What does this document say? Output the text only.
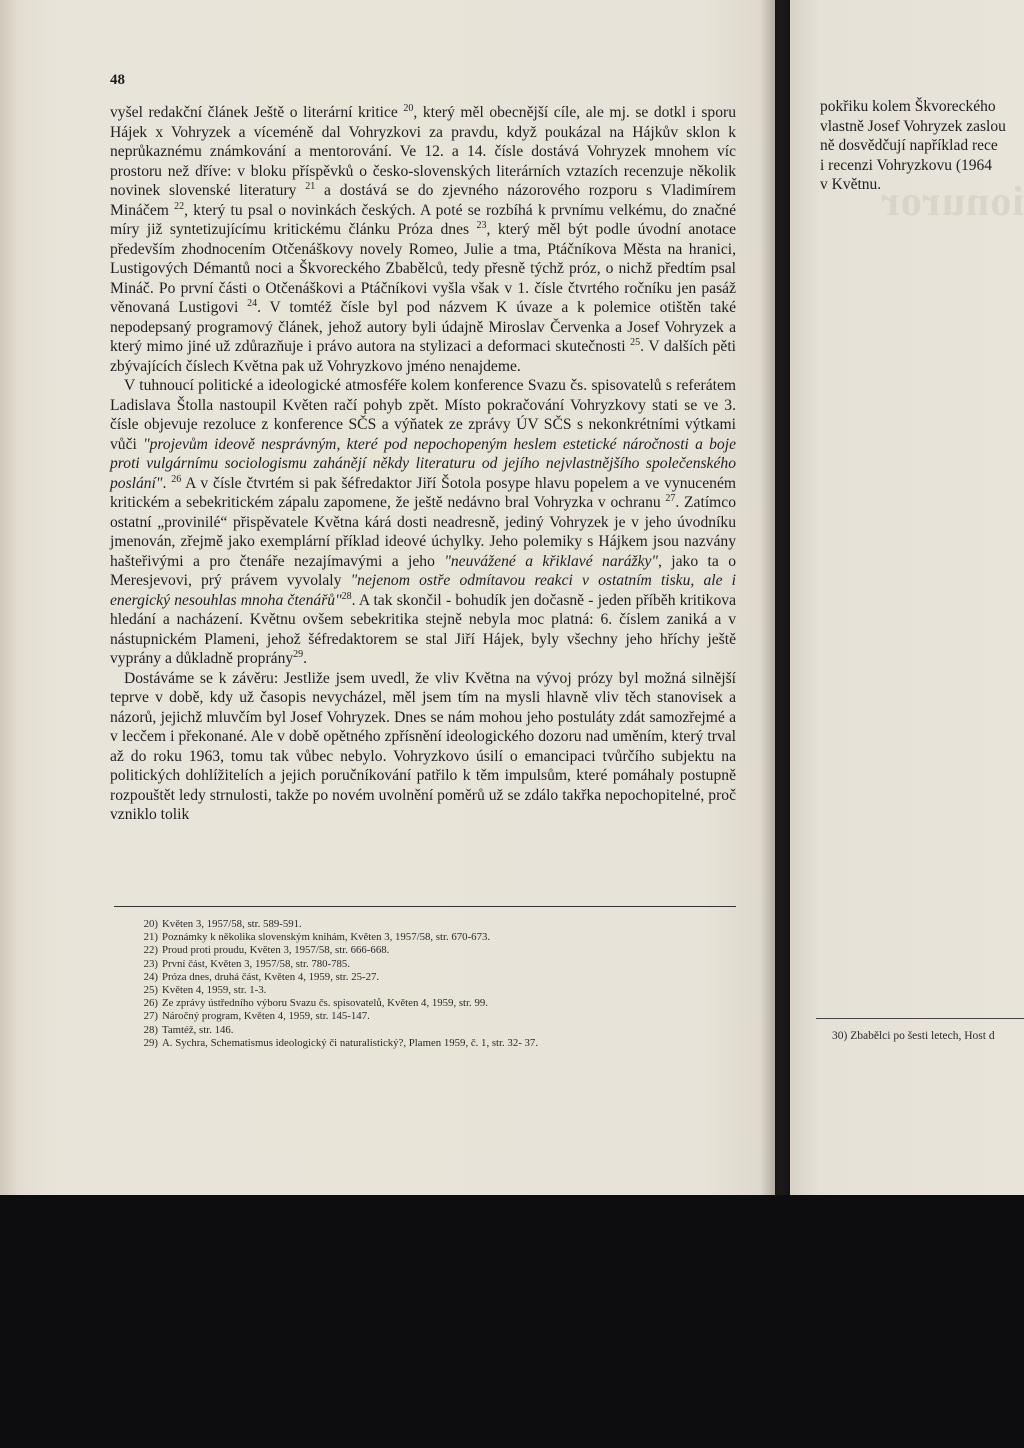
48

vyšel redakční článek Ještě o literární kritice $^{20}$, který měl obecnější cíle, ale mj. se dotkl i sporu Hájek x Vohryzek a víceméně dal Vohryzkovi za pravdu, když poukázal na Hájkův sklon k neprůkaznému známkování a mentorování. Ve 12. a 14. čísle dostává Vohryzek mnohem víc prostoru než dříve: v bloku příspěvků o česko-slovenských literárních vztazích recenzuje několik novinek slovenské literatury $^{21}$ a dostává se do zjevného názorového rozporu s Vladimírem Mináčem $^{22}$, který tu psal o novinkách českých. A poté se rozbíhá k prvnímu velkému, do značné míry již syntetizujícímu kritickému článku Próza dnes $^{23}$, který měl být podle úvodní anotace především zhodnocením Otčenáškovy novely Romeo, Julie a tma, Ptáčníkova Města na hranici, Lustigových Démantů noci a Škvoreckého Zbabělců, tedy přesně týchž próz, o nichž předtím psal Mináč. Po první části o Otčenáškovi a Ptáčníkovi vyšla však v 1. čísle čtvrtého ročníku jen pasáž věnovaná Lustigovi $^{24}$. V tomtéž čísle byl pod názvem K úvaze a k polemice otištěn také nepodepsaný programový článek, jehož autory byli údajně Miroslav Červenka a Josef Vohryzek a který mimo jiné už zdůrazňuje i právo autora na stylizaci a deformaci skutečnosti $^{25}$. V dalších pěti zbývajících číslech Května pak už Vohryzkovo jméno nenajdeme.

V tuhnoucí politické a ideologické atmosféře kolem konference Svazu čs. spisovatelů s referátem Ladislava Štolla nastoupil Květen račí pohyb zpět. Místo pokračování Vohryzkovy stati se ve 3. čísle objevuje rezoluce z konference SČS a výňatek ze zprávy ÚV SČS s nekonkrétními výtkami vůči "projevům ideově nesprávným, které pod nepochopeným heslem estetické náročnosti a boje proti vulgárnímu sociologismu zahánějí někdy literaturu od jejího nejvlastnějšího společenského poslání". $^{26}$ A v čísle čtvrtém si pak šéfredaktor Jiří Šotola posype hlavu popelem a ve vynuceném kritickém a sebekritickém zápalu zapomene, že ještě nedávno bral Vohryzka v ochranu $^{27}$. Zatímco ostatní „provinilé“ přispěvatele Května kárá dosti neadresně, jediný Vohryzek je v jeho úvodníku jmenován, zřejmě jako exemplární příklad ideové úchylky. Jeho polemiky s Hájkem jsou nazvány hašteřivými a pro čtenáře nezajímavými a jeho "neuvážené a křiklavé narážky", jako ta o Meresjevovi, prý právem vyvolaly "nejenom ostře odmítavou reakci v ostatním tisku, ale i energický nesouhlas mnoha čtenářů"$^{28}$. A tak skončil - bohudík jen dočasně - jeden příběh kritikova hledání a nacházení. Květnu ovšem sebekritika stejně nebyla moc platná: 6. číslem zaniká a v nástupnickém Plameni, jehož šéfredaktorem se stal Jiří Hájek, byly všechny jeho hříchy ještě vyprány a důkladně propránу$^{29}$.

Dostáváme se k závěru: Jestliže jsem uvedl, že vliv Května na vývoj prózy byl možná silnější teprve v době, kdy už časopis nevycházel, měl jsem tím na mysli hlavně vliv těch stanovisek a názorů, jejichž mluvčím byl Josef Vohryzek. Dnes se nám mohou jeho postuláty zdát samozřejmé a v lecčem i překonané. Ale v době opětného zpřísnění ideologického dozoru nad uměním, který trval až do roku 1963, tomu tak vůbec nebylo. Vohryzkovo úsilí o emancipaci tvůrčího subjektu na politických dohlížitelích a jejich poručníkování patřilo k těm impulsům, které pomáhaly postupně rozpouštět ledy strnulosti, takže po novém uvolnění poměrů už se zdálo takřka nepochopitelné, proč vzniklo tolik

20) Květen 3, 1957/58, str. 589-591.
21) Poznámky k několika slovenským knihám, Květen 3, 1957/58, str. 670-673.
22) Proud proti proudu, Květen 3, 1957/58, str. 666-668.
23) První část, Květen 3, 1957/58, str. 780-785.
24) Próza dnes, druhá část, Květen 4, 1959, str. 25-27.
25) Květen 4, 1959, str. 1-3.
26) Ze zprávy ústředního výboru Svazu čs. spisovatelů, Květen 4, 1959, str. 99.
27) Náročný program, Květen 4, 1959, str. 145-147.
28) Tamtéž, str. 146.
29) A. Sychra, Schematismus ideologický či naturalistický?, Plamen 1959, č. 1, str. 32- 37.
ionuror
pokřiku kolem Škvoreckého
vlastně Josef Vohryzek zaslou
ně dosvědčují například rece
i recenzi Vohryzkovu (1964
v Květnu.
30) Zbabělci po šesti letech, Host d
